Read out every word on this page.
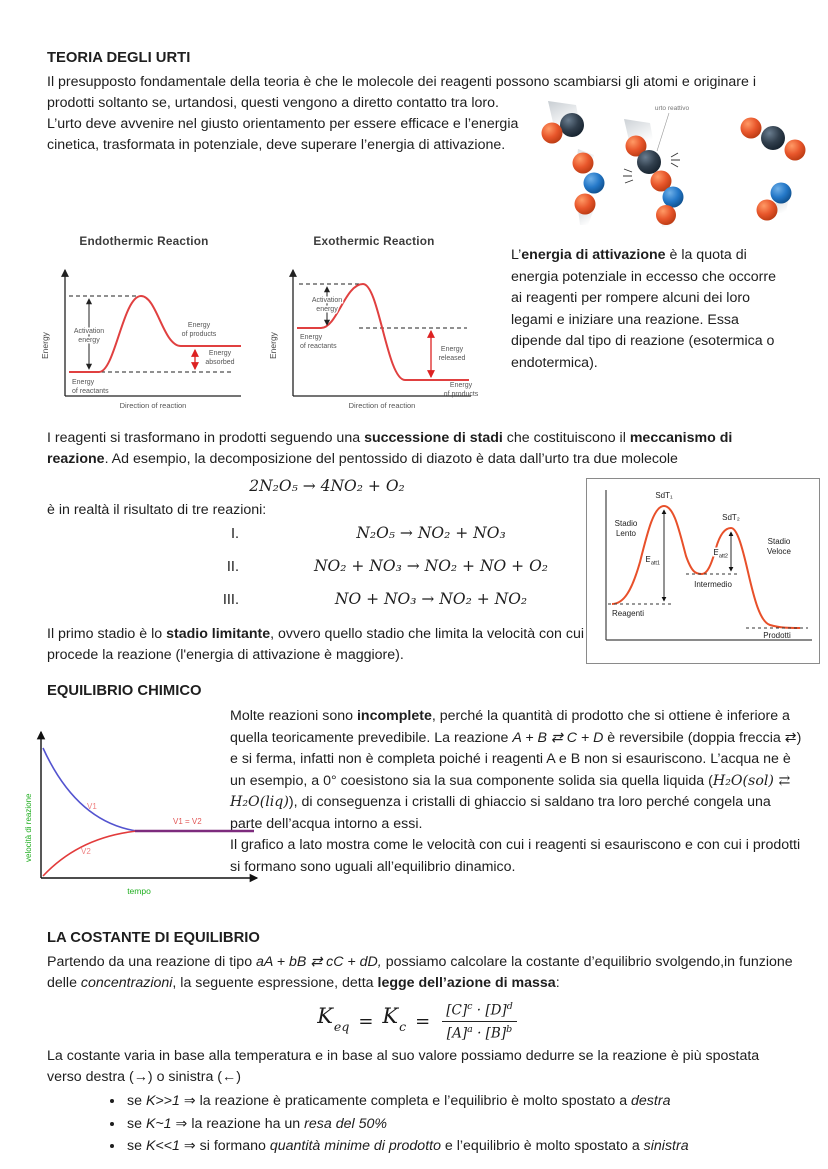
TEORIA DEGLI URTI

Il presupposto fondamentale della teoria è che le molecole dei reagenti possono scambiarsi gli atomi e
urto reattivo
originare i prodotti soltanto se, urtandosi, questi vengono a diretto contatto tra loro. L’urto deve avvenire nel giusto orientamento per essere efficace e l’energia cinetica, trasformata in potenziale, deve superare l’energia di attivazione.

Endothermic Reaction
Energy
Direction of reaction
Activation
energy
Energy
of products
Energy
absorbed
Energy
of reactants
Exothermic Reaction
Energy
Direction of reaction
Activation
energy
Energy
of reactants	Energy
released
Energy
of products
L’energia di attivazione è la quota di energia potenziale in eccesso che occorre ai reagenti per rompere alcuni dei loro legami e iniziare una reazione. Essa dipende dal tipo di reazione (esotermica o endotermica).

I reagenti si trasformano in prodotti seguendo una successione di stadi che costituiscono il meccanismo di reazione. Ad esempio, la decomposizione del pentossido di diazoto è data dall’urto tra due molecole

2N₂O₅ → 4NO₂ + O₂
è in realtà il risultato di tre reazioni:
I.	N₂O₅ → NO₂ + NO₃
II.	NO₂ + NO₃ → NO₂ + NO + O₂
III.	NO + NO₃ → NO₂ + NO₂

Il primo stadio è lo stadio limitante, ovvero quello stadio che limita la velocità con cui procede la reazione (l'energia di attivazione è maggiore).

SdT₁
SdT₂
Stadio
Lento
Stadio
Veloce
$E_{att1}$
$E_{att2}$
Intermedio
Reagenti
Prodotti
EQUILIBRIO CHIMICO
velocità di reazione
tempo
V1
V2
V1 = V2
Molte reazioni sono incomplete, perché la quantità di prodotto che si ottiene è inferiore a quella teoricamente prevedibile. La reazione A + B ⇄ C + D è reversibile (doppia freccia ⇄) e si ferma, infatti non è completa poiché i reagenti A e B non si esauriscono. L’acqua ne è un esempio, a 0° coesistono sia la sua componente solida sia quella liquida (H₂O(sol) ⇄ H₂O(liq)), di conseguenza i cristalli di ghiaccio si saldano tra loro perché congela una parte dell’acqua intorno a essi.
Il grafico a lato mostra come le velocità con cui i reagenti si esauriscono e con cui i prodotti si formano sono uguali all’equilibrio dinamico.
LA COSTANTE DI EQUILIBRIO

Partendo da una reazione di tipo aA + bB ⇄ cC + dD, possiamo calcolare la costante d’equilibrio svolgendo,in funzione delle concentrazioni, la seguente espressione, detta legge dell’azione di massa:

$K_{eq} = K_c = \frac{[C]^c \cdot [D]^d}{[A]^a \cdot [B]^b}$

La costante varia in base alla temperatura e in base al suo valore possiamo dedurre se la reazione è più spostata verso destra (→) o sinistra (←)

• se K>>1 ⇒ la reazione è praticamente completa e l’equilibrio è molto spostato a destra
• se K~1 ⇒ la reazione ha un resa del 50%
• se K<<1 ⇒ si formano quantità minime di prodotto e l’equilibrio è molto spostato a sinistra
